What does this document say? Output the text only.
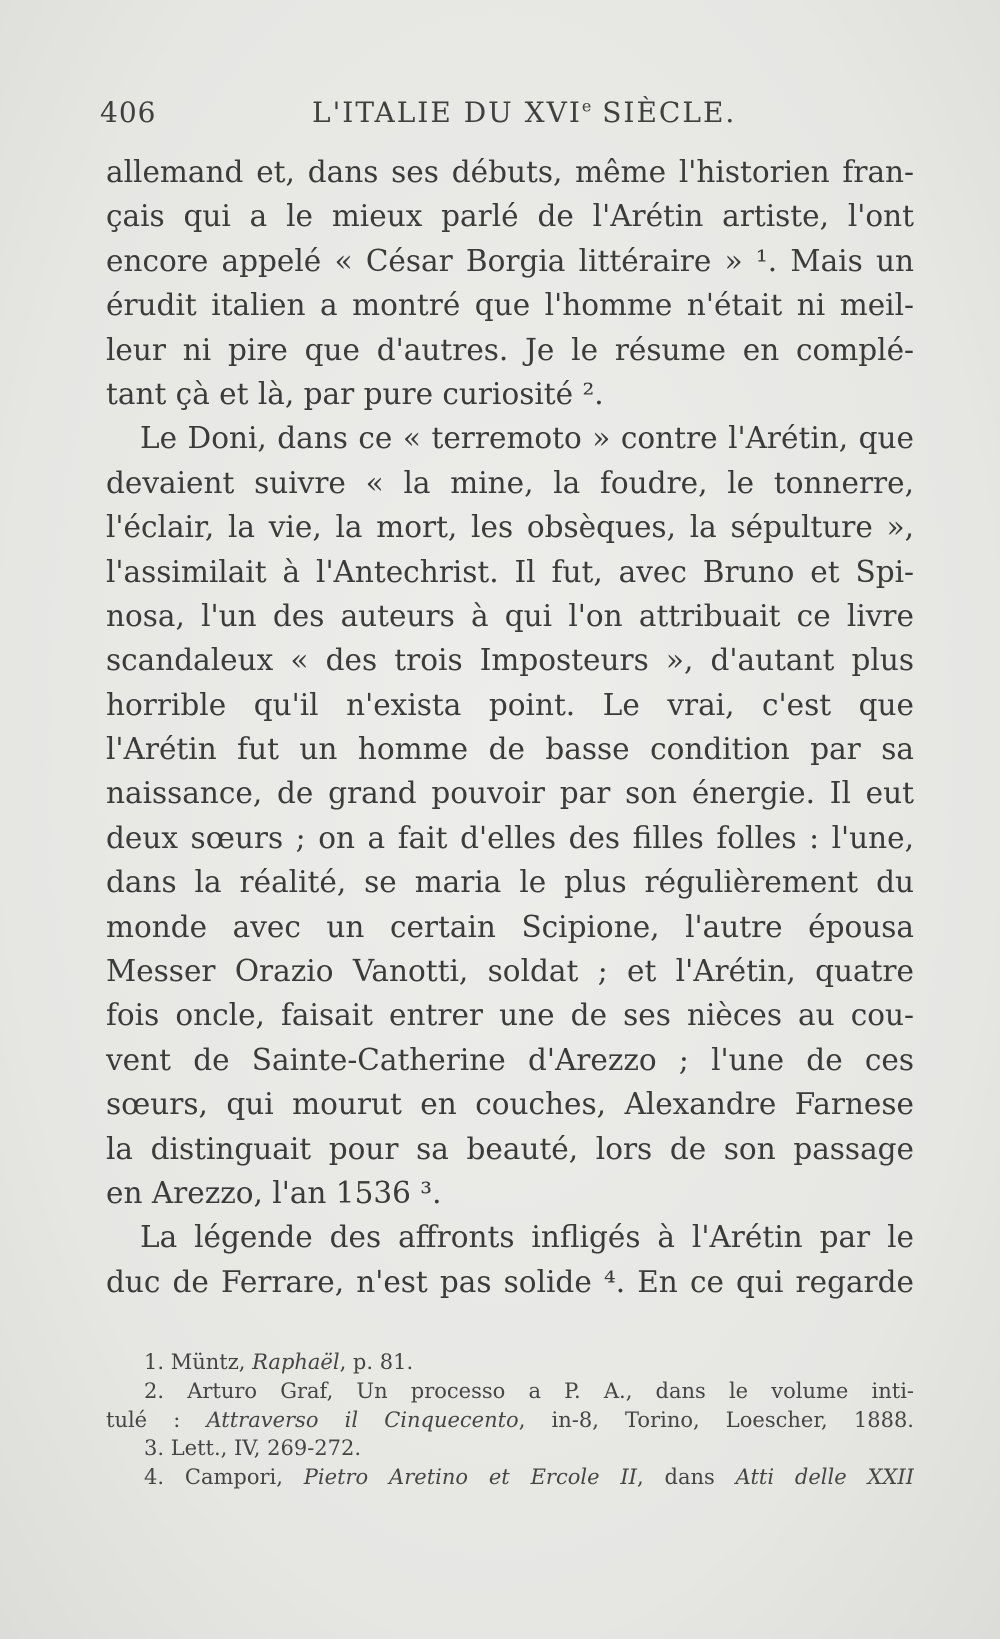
406	L'ITALIE DU XVIe SIÈCLE.
allemand et, dans ses débuts, même l'historien fran-
çais qui a le mieux parlé de l'Arétin artiste, l'ont
encore appelé « César Borgia littéraire » ¹. Mais un
érudit italien a montré que l'homme n'était ni meil-
leur ni pire que d'autres. Je le résume en complé-
tant çà et là, par pure curiosité ².
Le Doni, dans ce « terremoto » contre l'Arétin, que
devaient suivre « la mine, la foudre, le tonnerre,
l'éclair, la vie, la mort, les obsèques, la sépulture »,
l'assimilait à l'Antechrist. Il fut, avec Bruno et Spi-
nosa, l'un des auteurs à qui l'on attribuait ce livre
scandaleux « des trois Imposteurs », d'autant plus
horrible qu'il n'exista point. Le vrai, c'est que
l'Arétin fut un homme de basse condition par sa
naissance, de grand pouvoir par son énergie. Il eut
deux sœurs ; on a fait d'elles des filles folles : l'une,
dans la réalité, se maria le plus régulièrement du
monde avec un certain Scipione, l'autre épousa
Messer Orazio Vanotti, soldat ; et l'Arétin, quatre
fois oncle, faisait entrer une de ses nièces au cou-
vent de Sainte-Catherine d'Arezzo ; l'une de ces
sœurs, qui mourut en couches, Alexandre Farnese
la distinguait pour sa beauté, lors de son passage
en Arezzo, l'an 1536 ³.
La légende des affronts infligés à l'Arétin par le
duc de Ferrare, n'est pas solide ⁴. En ce qui regarde
1. Müntz, Raphaël, p. 81.
2. Arturo Graf, Un processo a P. A., dans le volume inti-
tulé : Attraverso il Cinquecento, in-8, Torino, Loescher, 1888.
3. Lett., IV, 269-272.
4. Campori, Pietro Aretino et Ercole II, dans Atti delle XXII
